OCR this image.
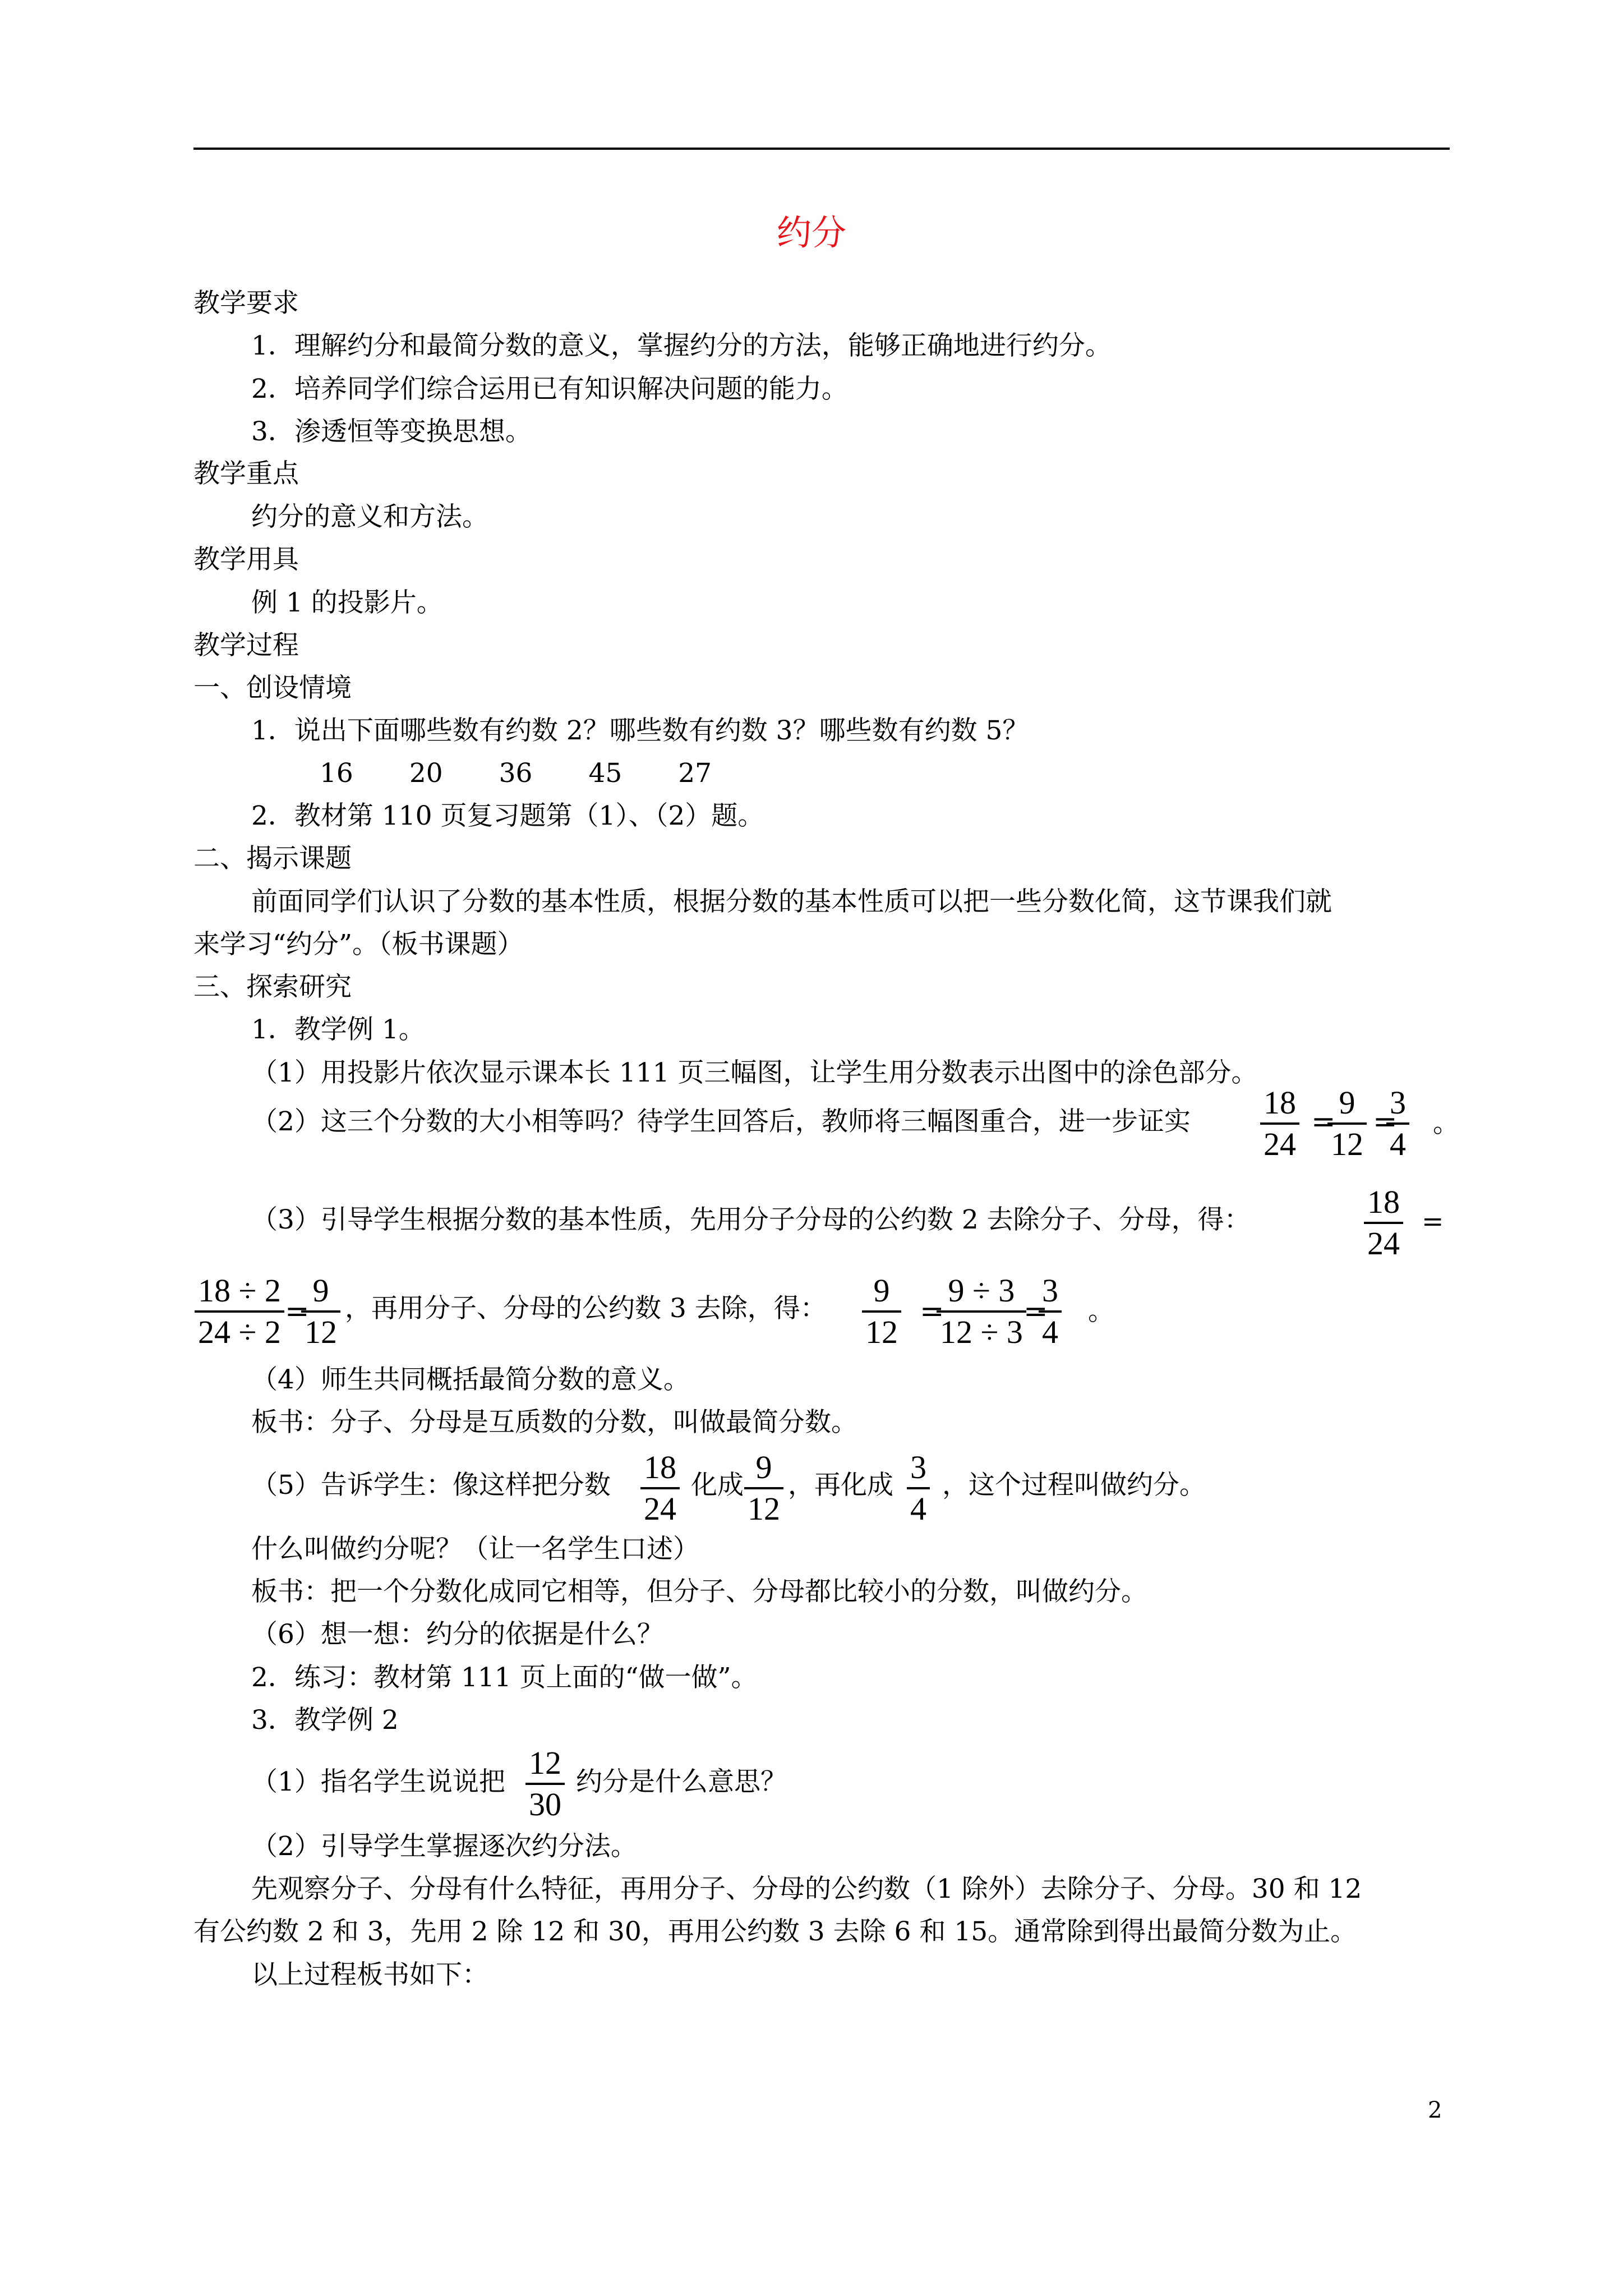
约分
教学要求
1．理解约分和最简分数的意义，掌握约分的方法，能够正确地进行约分。
2．培养同学们综合运用已有知识解决问题的能力。
3．渗透恒等变换思想。
教学重点
约分的意义和方法。
教学用具
例 1 的投影片。
教学过程
一、创设情境
1．说出下面哪些数有约数 2？哪些数有约数 3？哪些数有约数 5？
16 20 36 45 27
2．教材第 110 页复习题第（1）、（2）题。
二、揭示课题
前面同学们认识了分数的基本性质，根据分数的基本性质可以把一些分数化简，这节课我们就
来学习“约分”。（板书课题）
三、探索研究
1．教学例 1。
（1）用投影片依次显示课本长 111 页三幅图，让学生用分数表示出图中的涂色部分。
（2）这三个分数的大小相等吗？待学生回答后，教师将三幅图重合，进一步证实 $\frac{18}{24}$ =
$\frac{9}{12}$ =
$\frac{3}{4}$ 。
（3）引导学生根据分数的基本性质，先用分子分母的公约数 2 去除分子、分母，得：	$\frac{18}{24}$ =
$\frac{18 \div 2}{24 \div 2}$ =
$\frac{9}{12}$ ，再用分子、分母的公约数 3 去除，得： $\frac{9}{12}$ =
$\frac{9 \div 3}{12 \div 3}$
=
$\frac{3}{4}$ 。
（4）师生共同概括最简分数的意义。
板书：分子、分母是互质数的分数，叫做最简分数。
（5）告诉学生：像这样把分数 $\frac{18}{24}$ 化成 $\frac{9}{12}$ ，再化成 $\frac{3}{4}$ ，这个过程叫做约分。
什么叫做约分呢？（让一名学生口述）
板书：把一个分数化成同它相等，但分子、分母都比较小的分数，叫做约分。
（6）想一想：约分的依据是什么？
2．练习：教材第 111 页上面的“做一做”。
3．教学例 2
（1）指名学生说说把 $\frac{12}{30}$ 约分是什么意思？
（2）引导学生掌握逐次约分法。
先观察分子、分母有什么特征，再用分子、分母的公约数（1 除外）去除分子、分母。30 和 12
有公约数 2 和 3，先用 2 除 12 和 30，再用公约数 3 去除 6 和 15。通常除到得出最简分数为止。
以上过程板书如下：
2
